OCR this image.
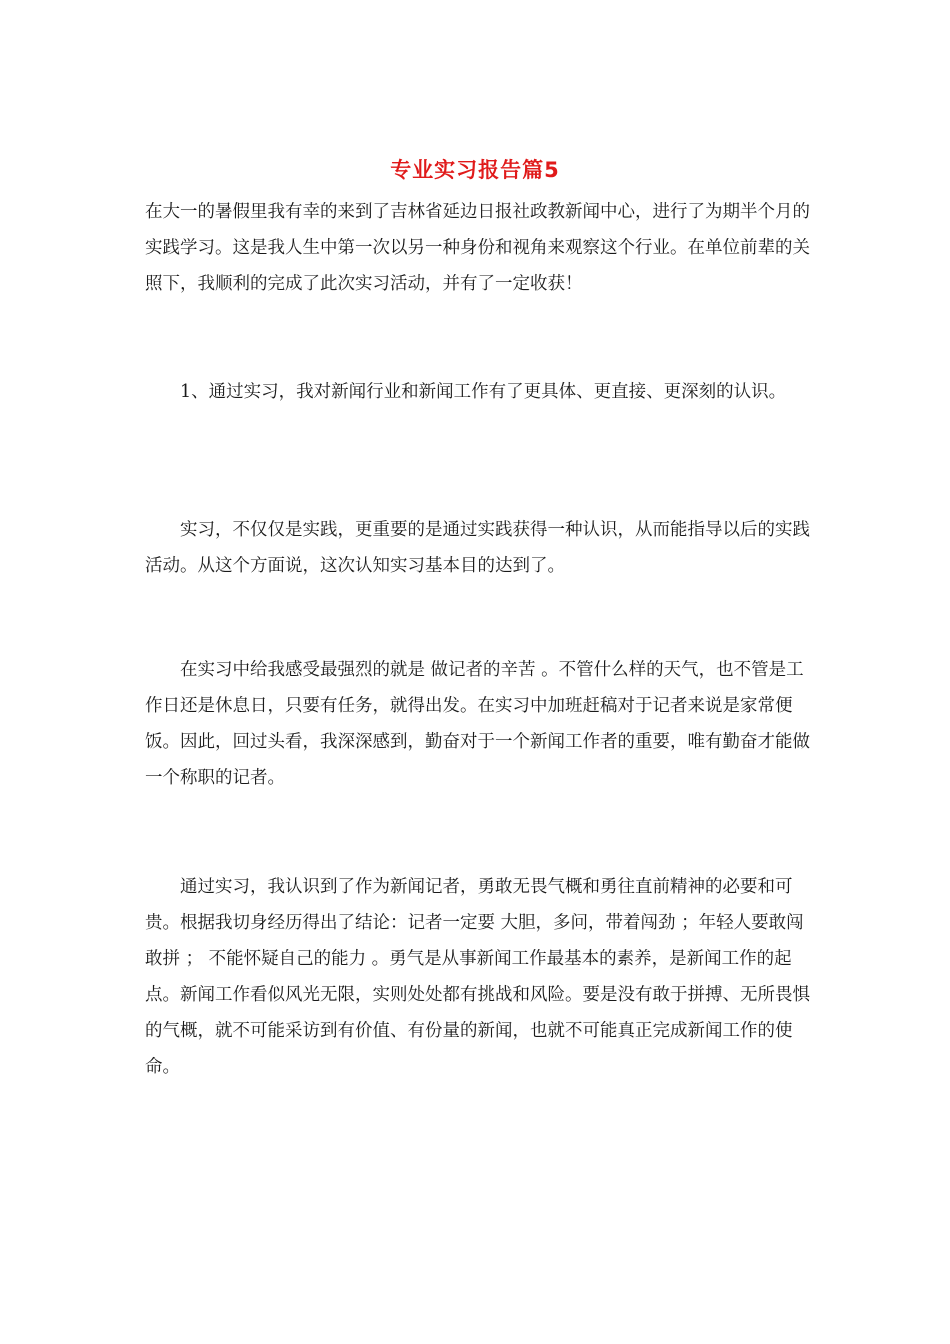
专业实习报告篇5

在大一的暑假里我有幸的来到了吉林省延边日报社政教新闻中心，进行了为期半个月的实践学习。这是我人生中第一次以另一种身份和视角来观察这个行业。在单位前辈的关照下，我顺利的完成了此次实习活动，并有了一定收获！

1、通过实习，我对新闻行业和新闻工作有了更具体、更直接、更深刻的认识。

实习，不仅仅是实践，更重要的是通过实践获得一种认识，从而能指导以后的实践活动。从这个方面说，这次认知实习基本目的达到了。

在实习中给我感受最强烈的就是 做记者的辛苦 。不管什么样的天气，也不管是工作日还是休息日，只要有任务，就得出发。在实习中加班赶稿对于记者来说是家常便饭。因此，回过头看，我深深感到，勤奋对于一个新闻工作者的重要，唯有勤奋才能做一个称职的记者。

通过实习，我认识到了作为新闻记者，勇敢无畏气概和勇往直前精神的必要和可贵。根据我切身经历得出了结论：记者一定要 大胆，多问，带着闯劲 ；年轻人要敢闯敢拼 ； 不能怀疑自己的能力 。勇气是从事新闻工作最基本的素养，是新闻工作的起点。新闻工作看似风光无限，实则处处都有挑战和风险。要是没有敢于拼搏、无所畏惧的气概，就不可能采访到有价值、有份量的新闻，也就不可能真正完成新闻工作的使命。
